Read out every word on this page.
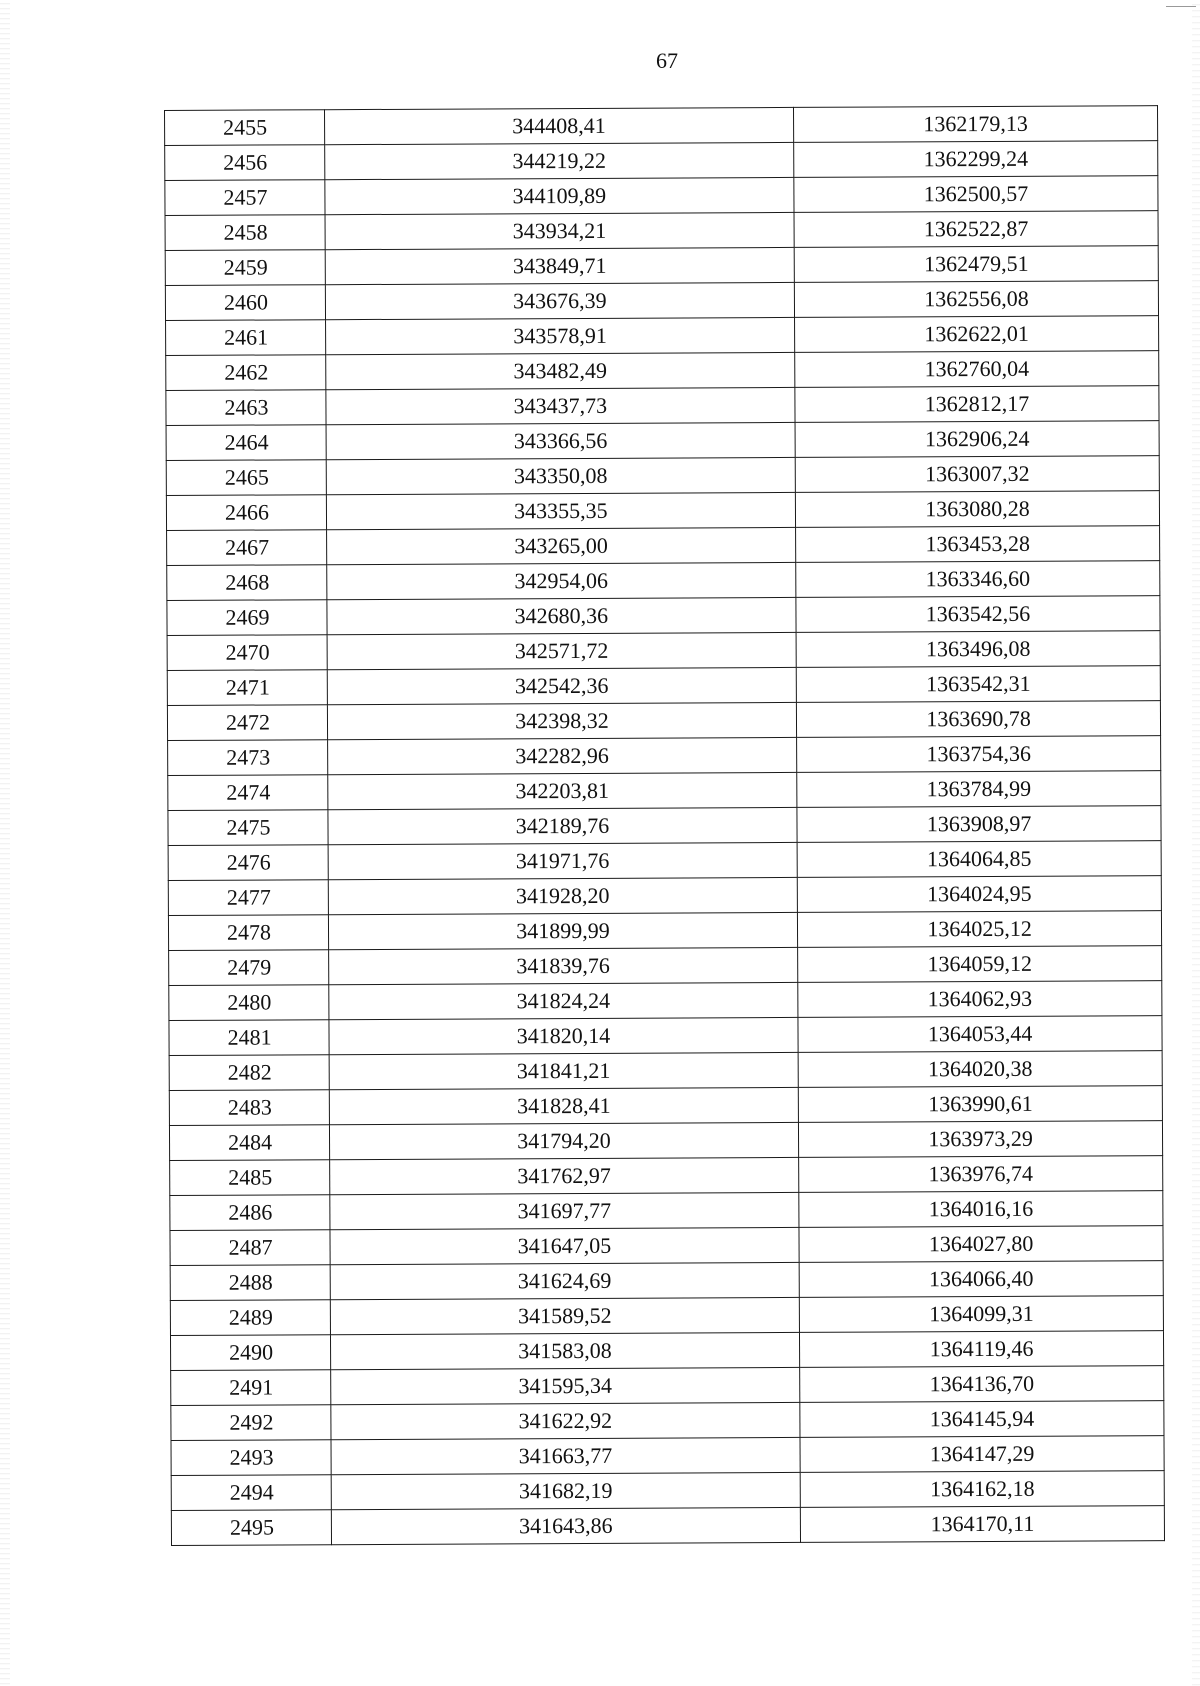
67
2455	344408,41	1362179,13
2456	344219,22	1362299,24
2457	344109,89	1362500,57
2458	343934,21	1362522,87
2459	343849,71	1362479,51
2460	343676,39	1362556,08
2461	343578,91	1362622,01
2462	343482,49	1362760,04
2463	343437,73	1362812,17
2464	343366,56	1362906,24
2465	343350,08	1363007,32
2466	343355,35	1363080,28
2467	343265,00	1363453,28
2468	342954,06	1363346,60
2469	342680,36	1363542,56
2470	342571,72	1363496,08
2471	342542,36	1363542,31
2472	342398,32	1363690,78
2473	342282,96	1363754,36
2474	342203,81	1363784,99
2475	342189,76	1363908,97
2476	341971,76	1364064,85
2477	341928,20	1364024,95
2478	341899,99	1364025,12
2479	341839,76	1364059,12
2480	341824,24	1364062,93
2481	341820,14	1364053,44
2482	341841,21	1364020,38
2483	341828,41	1363990,61
2484	341794,20	1363973,29
2485	341762,97	1363976,74
2486	341697,77	1364016,16
2487	341647,05	1364027,80
2488	341624,69	1364066,40
2489	341589,52	1364099,31
2490	341583,08	1364119,46
2491	341595,34	1364136,70
2492	341622,92	1364145,94
2493	341663,77	1364147,29
2494	341682,19	1364162,18
2495	341643,86	1364170,11
